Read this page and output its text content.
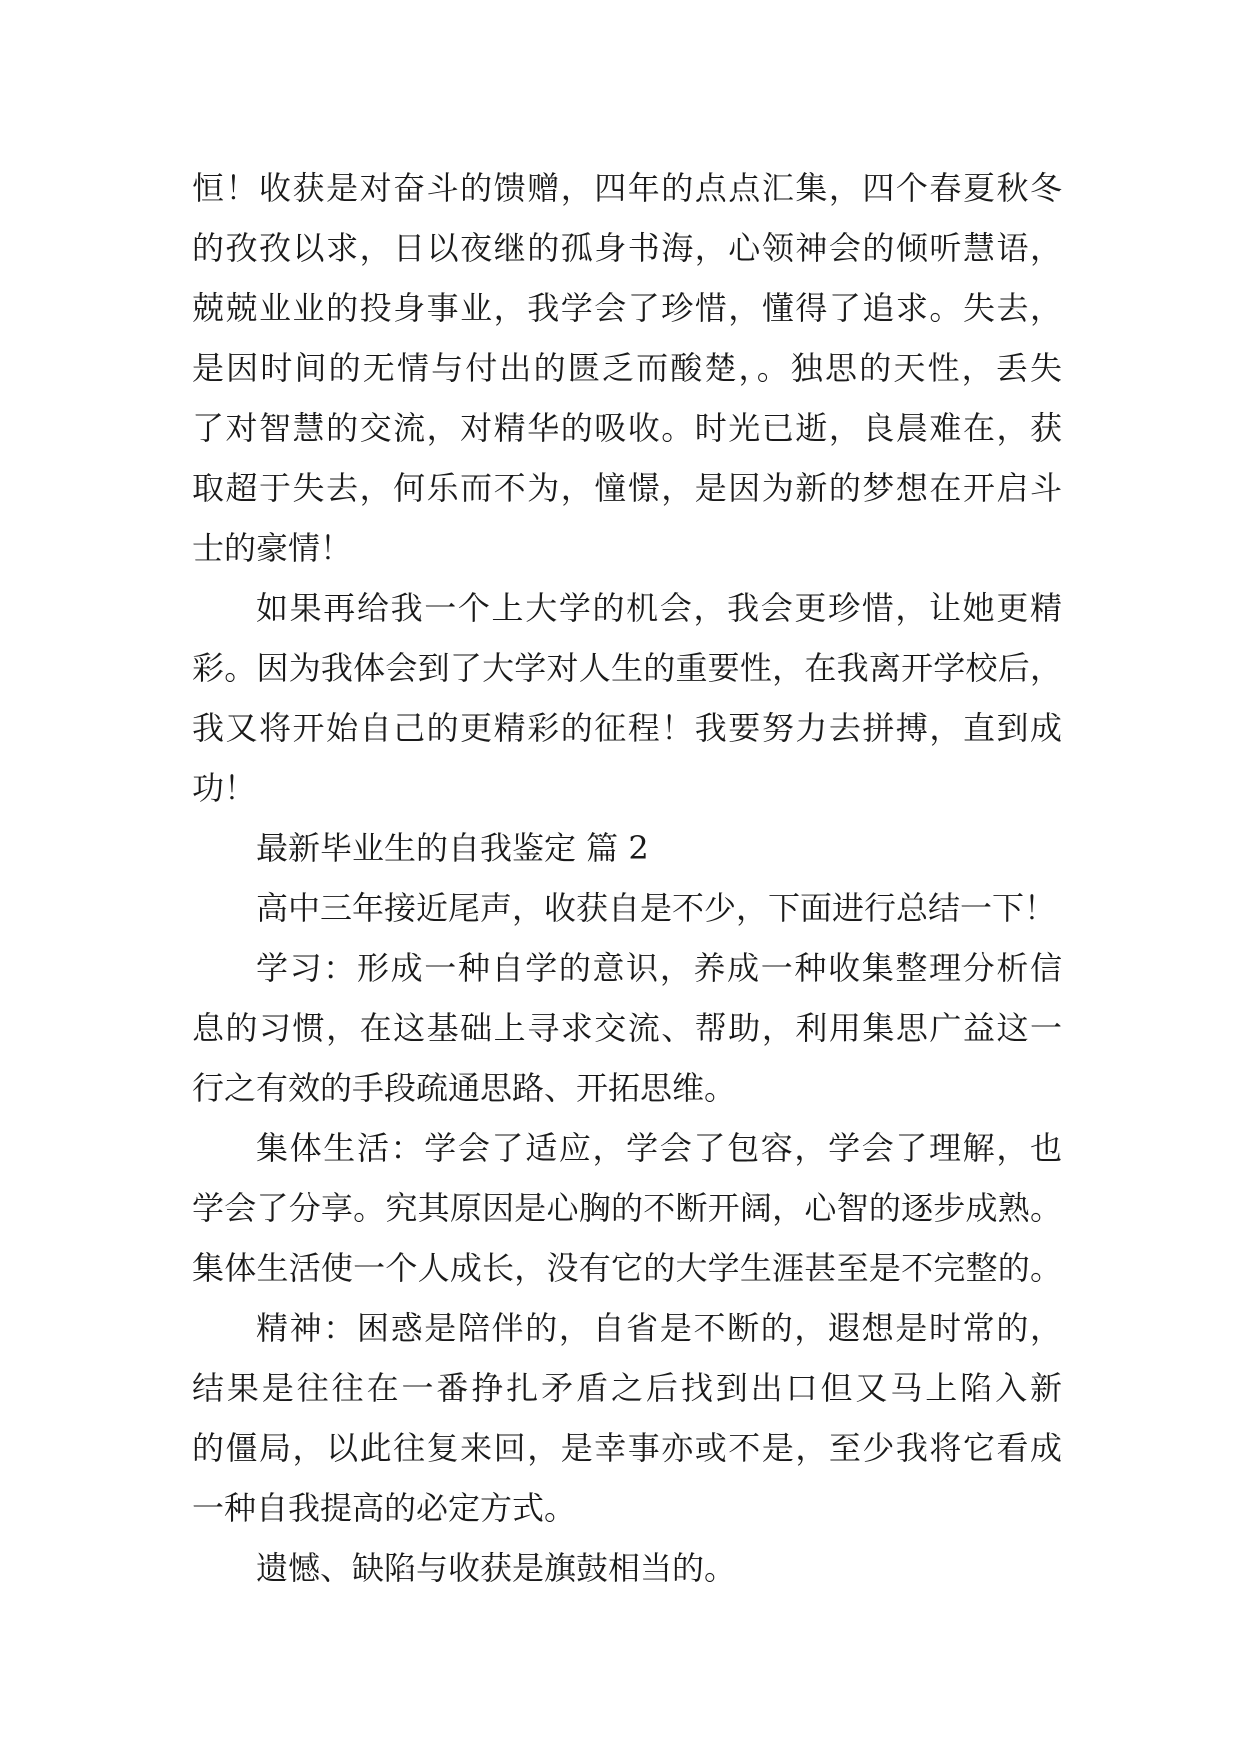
恒！收获是对奋斗的馈赠，四年的点点汇集，四个春夏秋冬
的孜孜以求，日以夜继的孤身书海，心领神会的倾听慧语，
兢兢业业的投身事业，我学会了珍惜，懂得了追求。失去，
是因时间的无情与付出的匮乏而酸楚，。独思的天性，丢失
了对智慧的交流，对精华的吸收。时光已逝，良晨难在，获
取超于失去，何乐而不为，憧憬，是因为新的梦想在开启斗
士的豪情！
如果再给我一个上大学的机会，我会更珍惜，让她更精
彩。因为我体会到了大学对人生的重要性，在我离开学校后，
我又将开始自己的更精彩的征程！我要努力去拼搏，直到成
功！
最新毕业生的自我鉴定 篇 2
高中三年接近尾声，收获自是不少，下面进行总结一下！
学习：形成一种自学的意识，养成一种收集整理分析信
息的习惯，在这基础上寻求交流、帮助，利用集思广益这一
行之有效的手段疏通思路、开拓思维。
集体生活：学会了适应，学会了包容，学会了理解，也
学会了分享。究其原因是心胸的不断开阔，心智的逐步成熟。
集体生活使一个人成长，没有它的大学生涯甚至是不完整的。
精神：困惑是陪伴的，自省是不断的，遐想是时常的，
结果是往往在一番挣扎矛盾之后找到出口但又马上陷入新
的僵局，以此往复来回，是幸事亦或不是，至少我将它看成
一种自我提高的必定方式。
遗憾、缺陷与收获是旗鼓相当的。
